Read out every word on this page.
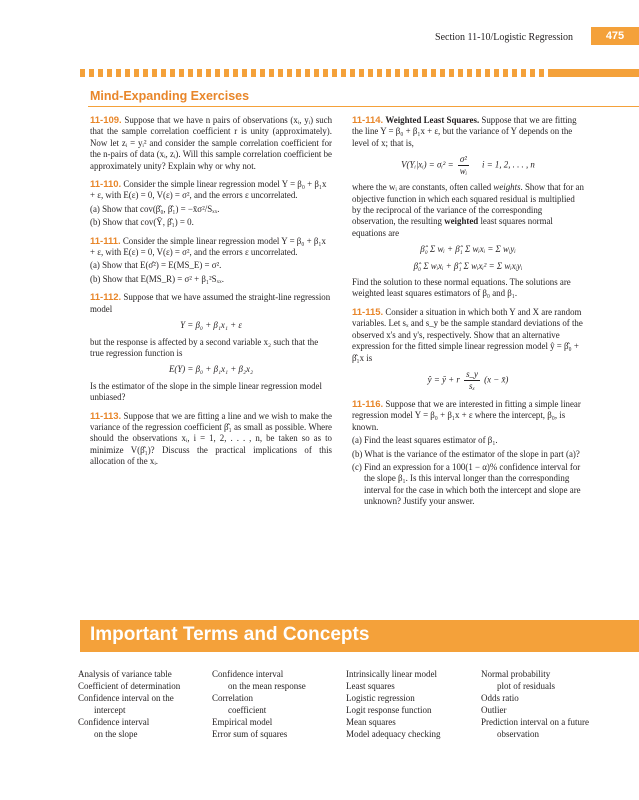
Section 11-10/Logistic Regression	475
Mind-Expanding Exercises

11-109. Suppose that we have n pairs of observations (xᵢ, yᵢ) such that the sample correlation coefficient r is unity (approximately). Now let zᵢ = yᵢ² and consider the sample correlation coefficient for the n-pairs of data (xᵢ, zᵢ). Will this sample correlation coefficient be approximately unity? Explain why or why not.

11-110. Consider the simple linear regression model Y = β₀ + β₁x + ε, with E(ε) = 0, V(ε) = σ², and the errors ε uncorrelated.

(a) Show that cov(β̂₀, β̂₁) = −x̄σ²/Sₓₓ.

(b) Show that cov(Ȳ, β̂₁) = 0.

11-111. Consider the simple linear regression model Y = β₀ + β₁x + ε, with E(ε) = 0, V(ε) = σ², and the errors ε uncorrelated.

(a) Show that E(σ̂²) = E(MS_E) = σ².

(b) Show that E(MS_R) = σ² + β₁²Sₓₓ.

11-112. Suppose that we have assumed the straight-line regression model

Y = β₀ + β₁x₁ + ε

but the response is affected by a second variable x₂ such that the true regression function is

E(Y) = β₀ + β₁x₁ + β₂x₂

Is the estimator of the slope in the simple linear regression model unbiased?

11-113. Suppose that we are fitting a line and we wish to make the variance of the regression coefficient β̂₁ as small as possible. Where should the observations xᵢ, i = 1, 2, . . . , n, be taken so as to minimize V(β̂₁)? Discuss the practical implications of this allocation of the xᵢ.

11-114. Weighted Least Squares. Suppose that we are fitting the line Y = β₀ + β₁x + ε, but the variance of Y depends on the level of x; that is,

V(Yᵢ|xᵢ) = σᵢ² = $\frac{\text{σ²}}{\text{wᵢ}}$ i = 1, 2, . . . , n

where the wᵢ are constants, often called weights. Show that for an objective function in which each squared residual is multiplied by the reciprocal of the variance of the corresponding observation, the resulting weighted least squares normal equations are

β̂₀ Σ wᵢ + β̂₁ Σ wᵢxᵢ = Σ wᵢyᵢ

β̂₀ Σ wᵢxᵢ + β̂₁ Σ wᵢxᵢ² = Σ wᵢxᵢyᵢ

Find the solution to these normal equations. The solutions are weighted least squares estimators of β₀ and β₁.

11-115. Consider a situation in which both Y and X are random variables. Let sₓ and s_y be the sample standard deviations of the observed x's and y's, respectively. Show that an alternative expression for the fitted simple linear regression model ŷ = β̂₀ + β̂₁x is

ŷ = ȳ + r $\frac{s\_y}{\text{sₓ}} (x$ − x̄)

11-116. Suppose that we are interested in fitting a simple linear regression model Y = β₀ + β₁x + ε where the intercept, β₀, is known.

(a) Find the least squares estimator of β₁.

(b) What is the variance of the estimator of the slope in part (a)?

(c) Find an expression for a 100(1 − α)% confidence interval for the slope β₁. Is this interval longer than the corresponding interval for the case in which both the intercept and slope are unknown? Justify your answer.

Important Terms and Concepts
Analysis of variance table
Coefficient of determination
Confidence interval on the
intercept
Confidence interval
on the slope
Confidence interval
on the mean response
Correlation
coefficient
Empirical model
Error sum of squares
Intrinsically linear model
Least squares
Logistic regression
Logit response function
Mean squares
Model adequacy checking
Normal probability
plot of residuals
Odds ratio
Outlier
Prediction interval on a future
observation
